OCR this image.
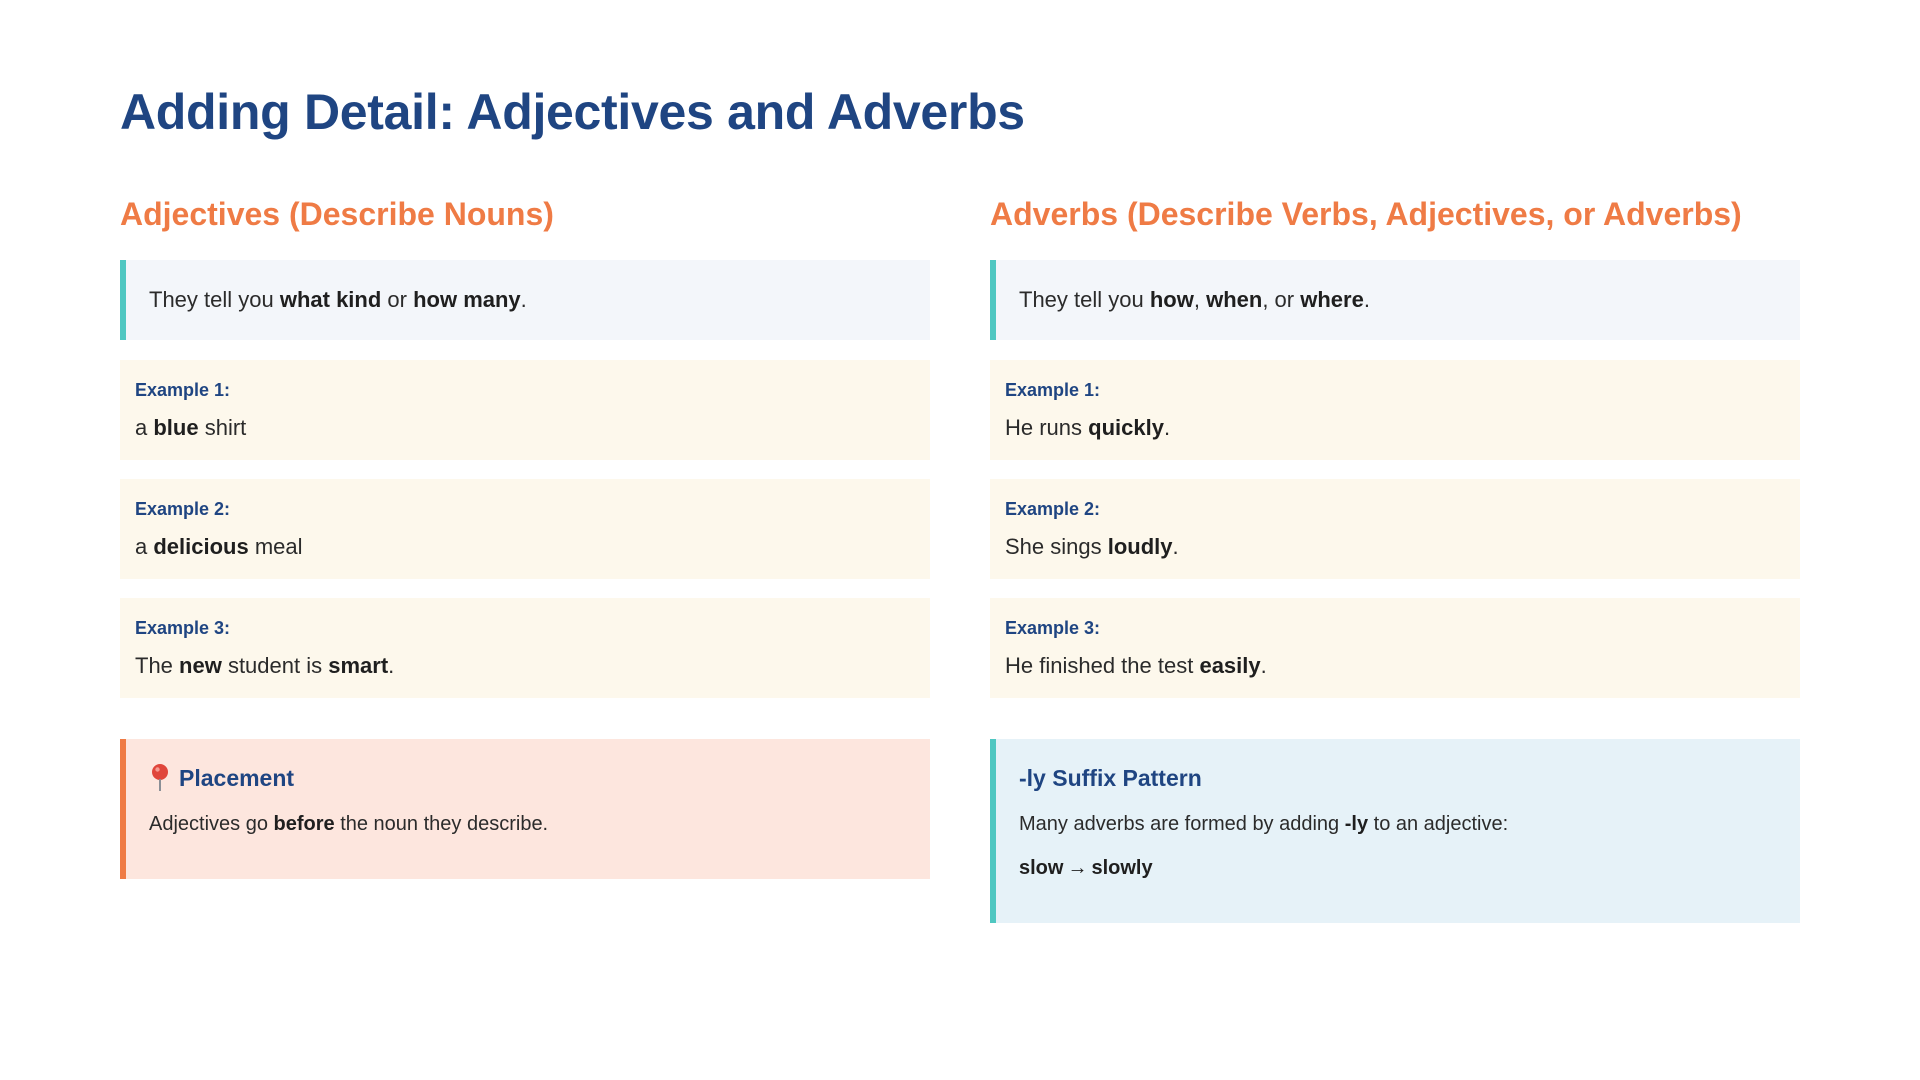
Adding Detail: Adjectives and Adverbs
Adjectives (Describe Nouns)
They tell you what kind or how many.
Example 1:
a blue shirt
Example 2:
a delicious meal
Example 3:
The new student is smart.
Placement
Adjectives go before the noun they describe.
Adverbs (Describe Verbs, Adjectives, or Adverbs)
They tell you how, when, or where.
Example 1:
He runs quickly.
Example 2:
She sings loudly.
Example 3:
He finished the test easily.
-ly Suffix Pattern
Many adverbs are formed by adding -ly to an adjective:
slow → slowly
